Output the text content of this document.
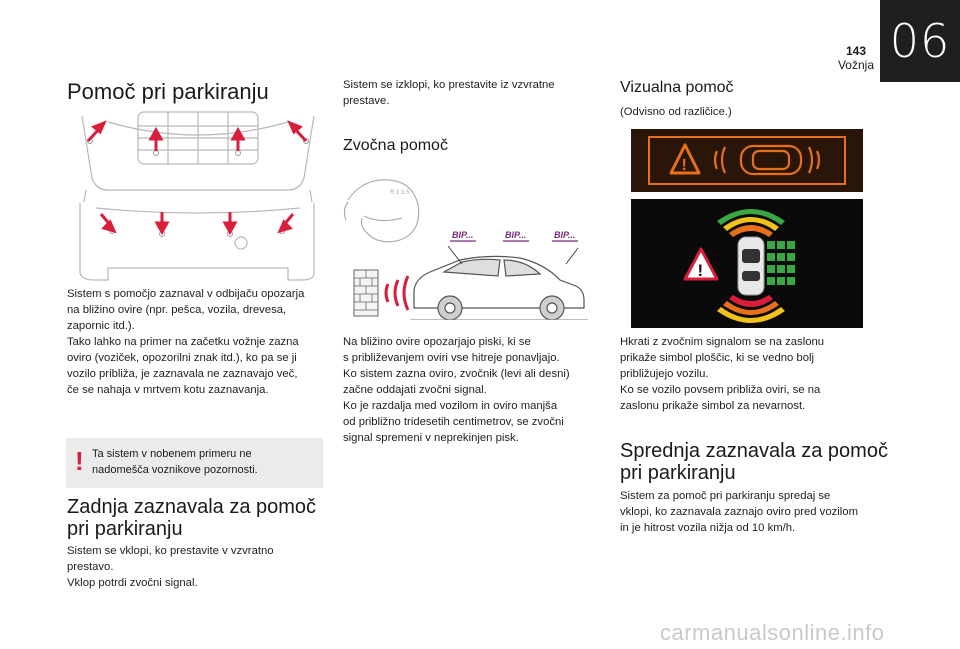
143
Vožnja 06
Pomoč pri parkiranju

Sistem s pomočjo zaznaval v odbijaču opozarja
na bližino ovire (npr. pešca, vozila, drevesa,
zapornic itd.).
Tako lahko na primer na začetku vožnje zazna
oviro (voziček, opozorilni znak itd.), ko pa se ji
vozilo približa, je zaznavala ne zaznavajo več,
če se nahaja v mrtvem kotu zaznavanja.

! Ta sistem v nobenem primeru ne
nadomešča voznikove pozornosti.

Zadnja zaznavala za pomoč
pri parkiranju

Sistem se vklopi, ko prestavite v vzvratno
prestavo.
Vklop potrdi zvočni signal.

Sistem se izklopi, ko prestavite iz vzvratne
prestave.

Zvočna pomoč
R 1 3 5
BIP...	BIP...	BIP...

Na bližino ovire opozarjajo piski, ki se
s približevanjem oviri vse hitreje ponavljajo.
Ko sistem zazna oviro, zvočnik (levi ali desni)
začne oddajati zvočni signal.
Ko je razdalja med vozilom in oviro manjša
od približno tridesetih centimetrov, se zvočni
signal spremeni v neprekinjen pisk.

Vizualna pomoč

(Odvisno od različice.)

!
!

Hkrati z zvočnim signalom se na zaslonu
prikaže simbol ploščic, ki se vedno bolj
približujejo vozilu.
Ko se vozilo povsem približa oviri, se na
zaslonu prikaže simbol za nevarnost.

Sprednja zaznavala za pomoč
pri parkiranju

Sistem za pomoč pri parkiranju spredaj se
vklopi, ko zaznavala zaznajo oviro pred vozilom
in je hitrost vozila nižja od 10 km/h.

carmanualsonline.info
